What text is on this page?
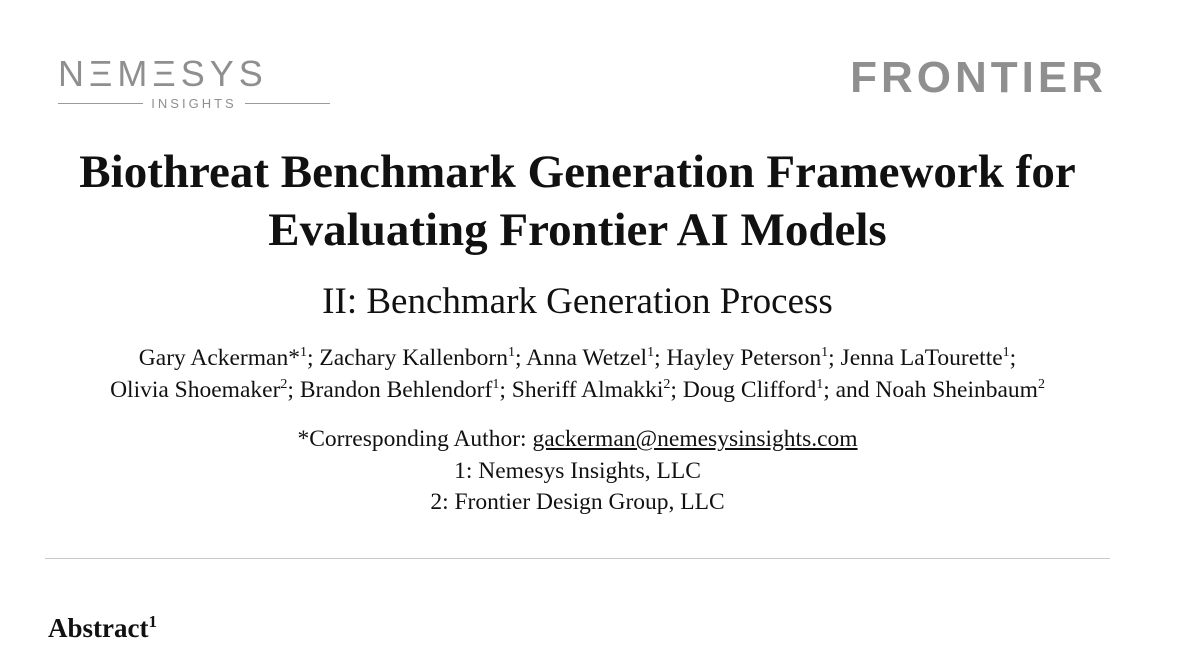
NΞMΞSYS
INSIGHTS
FRONTIER
Biothreat Benchmark Generation Framework for
Evaluating Frontier AI Models
II: Benchmark Generation Process
Gary Ackerman*$^1$; Zachary Kallenborn$^1$; Anna Wetzel$^1$; Hayley Peterson$^1$; Jenna LaTourette$^1$;
Olivia Shoemaker$^2$; Brandon Behlendorf$^1$; Sheriff Almakki$^2$; Doug Clifford$^1$; and Noah Sheinbaum$^2$
*Corresponding Author: gackerman@nemesysinsights.com
1: Nemesys Insights, LLC
2: Frontier Design Group, LLC
Abstract$^1$
